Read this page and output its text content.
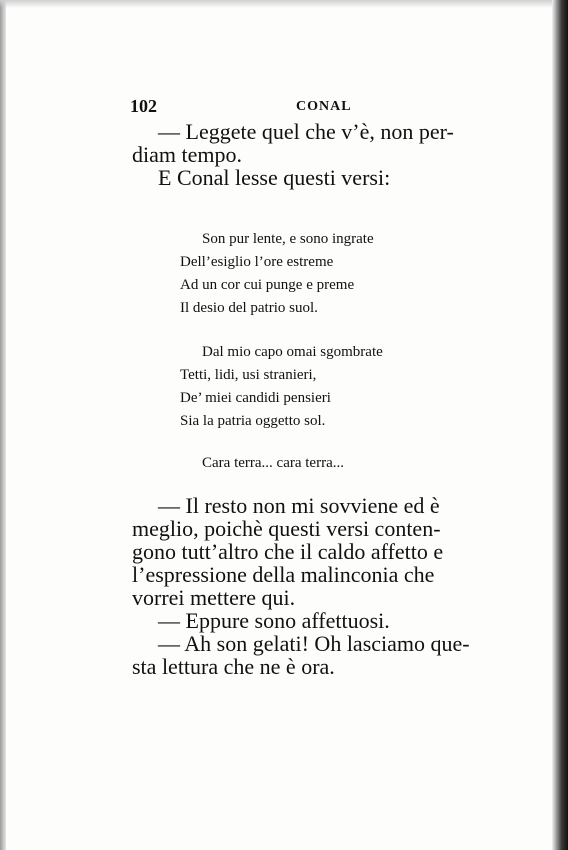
102	CONAL
— Leggete quel che v’è, non per-
diam tempo.
E Conal lesse questi versi:
Son pur lente, e sono ingrate
Dell’esiglio l’ore estreme
Ad un cor cui punge e preme
Il desio del patrio suol.
Dal mio capo omai sgombrate
Tetti, lidi, usi stranieri,
De’ miei candidi pensieri
Sia la patria oggetto sol.
Cara terra... cara terra...
— Il resto non mi sovviene ed è
meglio, poichè questi versi conten-
gono tutt’altro che il caldo affetto e
l’espressione della malinconia che
vorrei mettere qui.
— Eppure sono affettuosi.
— Ah son gelati! Oh lasciamo que-
sta lettura che ne è ora.
